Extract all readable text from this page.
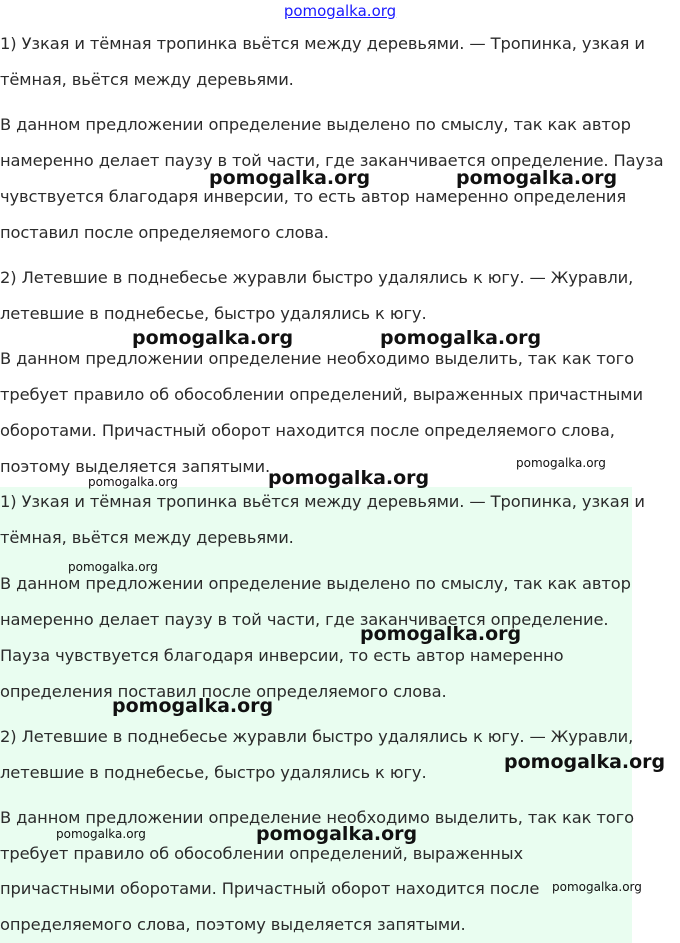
pomogalka.org

1) Узкая и тёмная тропинка вьётся между деревьями. — Тропинка, узкая и

тёмная, вьётся между деревьями.

В данном предложении определение выделено по смыслу, так как автор

намеренно делает паузу в той части, где заканчивается определение. Пауза

чувствуется благодаря инверсии, то есть автор намеренно определения

поставил после определяемого слова.

2) Летевшие в поднебесье журавли быстро удалялись к югу. — Журавли,

летевшие в поднебесье, быстро удалялись к югу.

В данном предложении определение необходимо выделить, так как того

требует правило об обособлении определений, выраженных причастными

оборотами. Причастный оборот находится после определяемого слова,

поэтому выделяется запятыми.

1) Узкая и тёмная тропинка вьётся между деревьями. — Тропинка, узкая и

тёмная, вьётся между деревьями.

В данном предложении определение выделено по смыслу, так как автор

намеренно делает паузу в той части, где заканчивается определение.

Пауза чувствуется благодаря инверсии, то есть автор намеренно

определения поставил после определяемого слова.

2) Летевшие в поднебесье журавли быстро удалялись к югу. — Журавли,

летевшие в поднебесье, быстро удалялись к югу.

В данном предложении определение необходимо выделить, так как того

требует правило об обособлении определений, выраженных

причастными оборотами. Причастный оборот находится после

определяемого слова, поэтому выделяется запятыми.

pomogalka.org	pomogalka.org
pomogalka.org	pomogalka.org
pomogalka.org
pomogalka.org
pomogalka.org
pomogalka.org
pomogalka.org
pomogalka.org
pomogalka.org
pomogalka.org	pomogalka.org
pomogalka.org
